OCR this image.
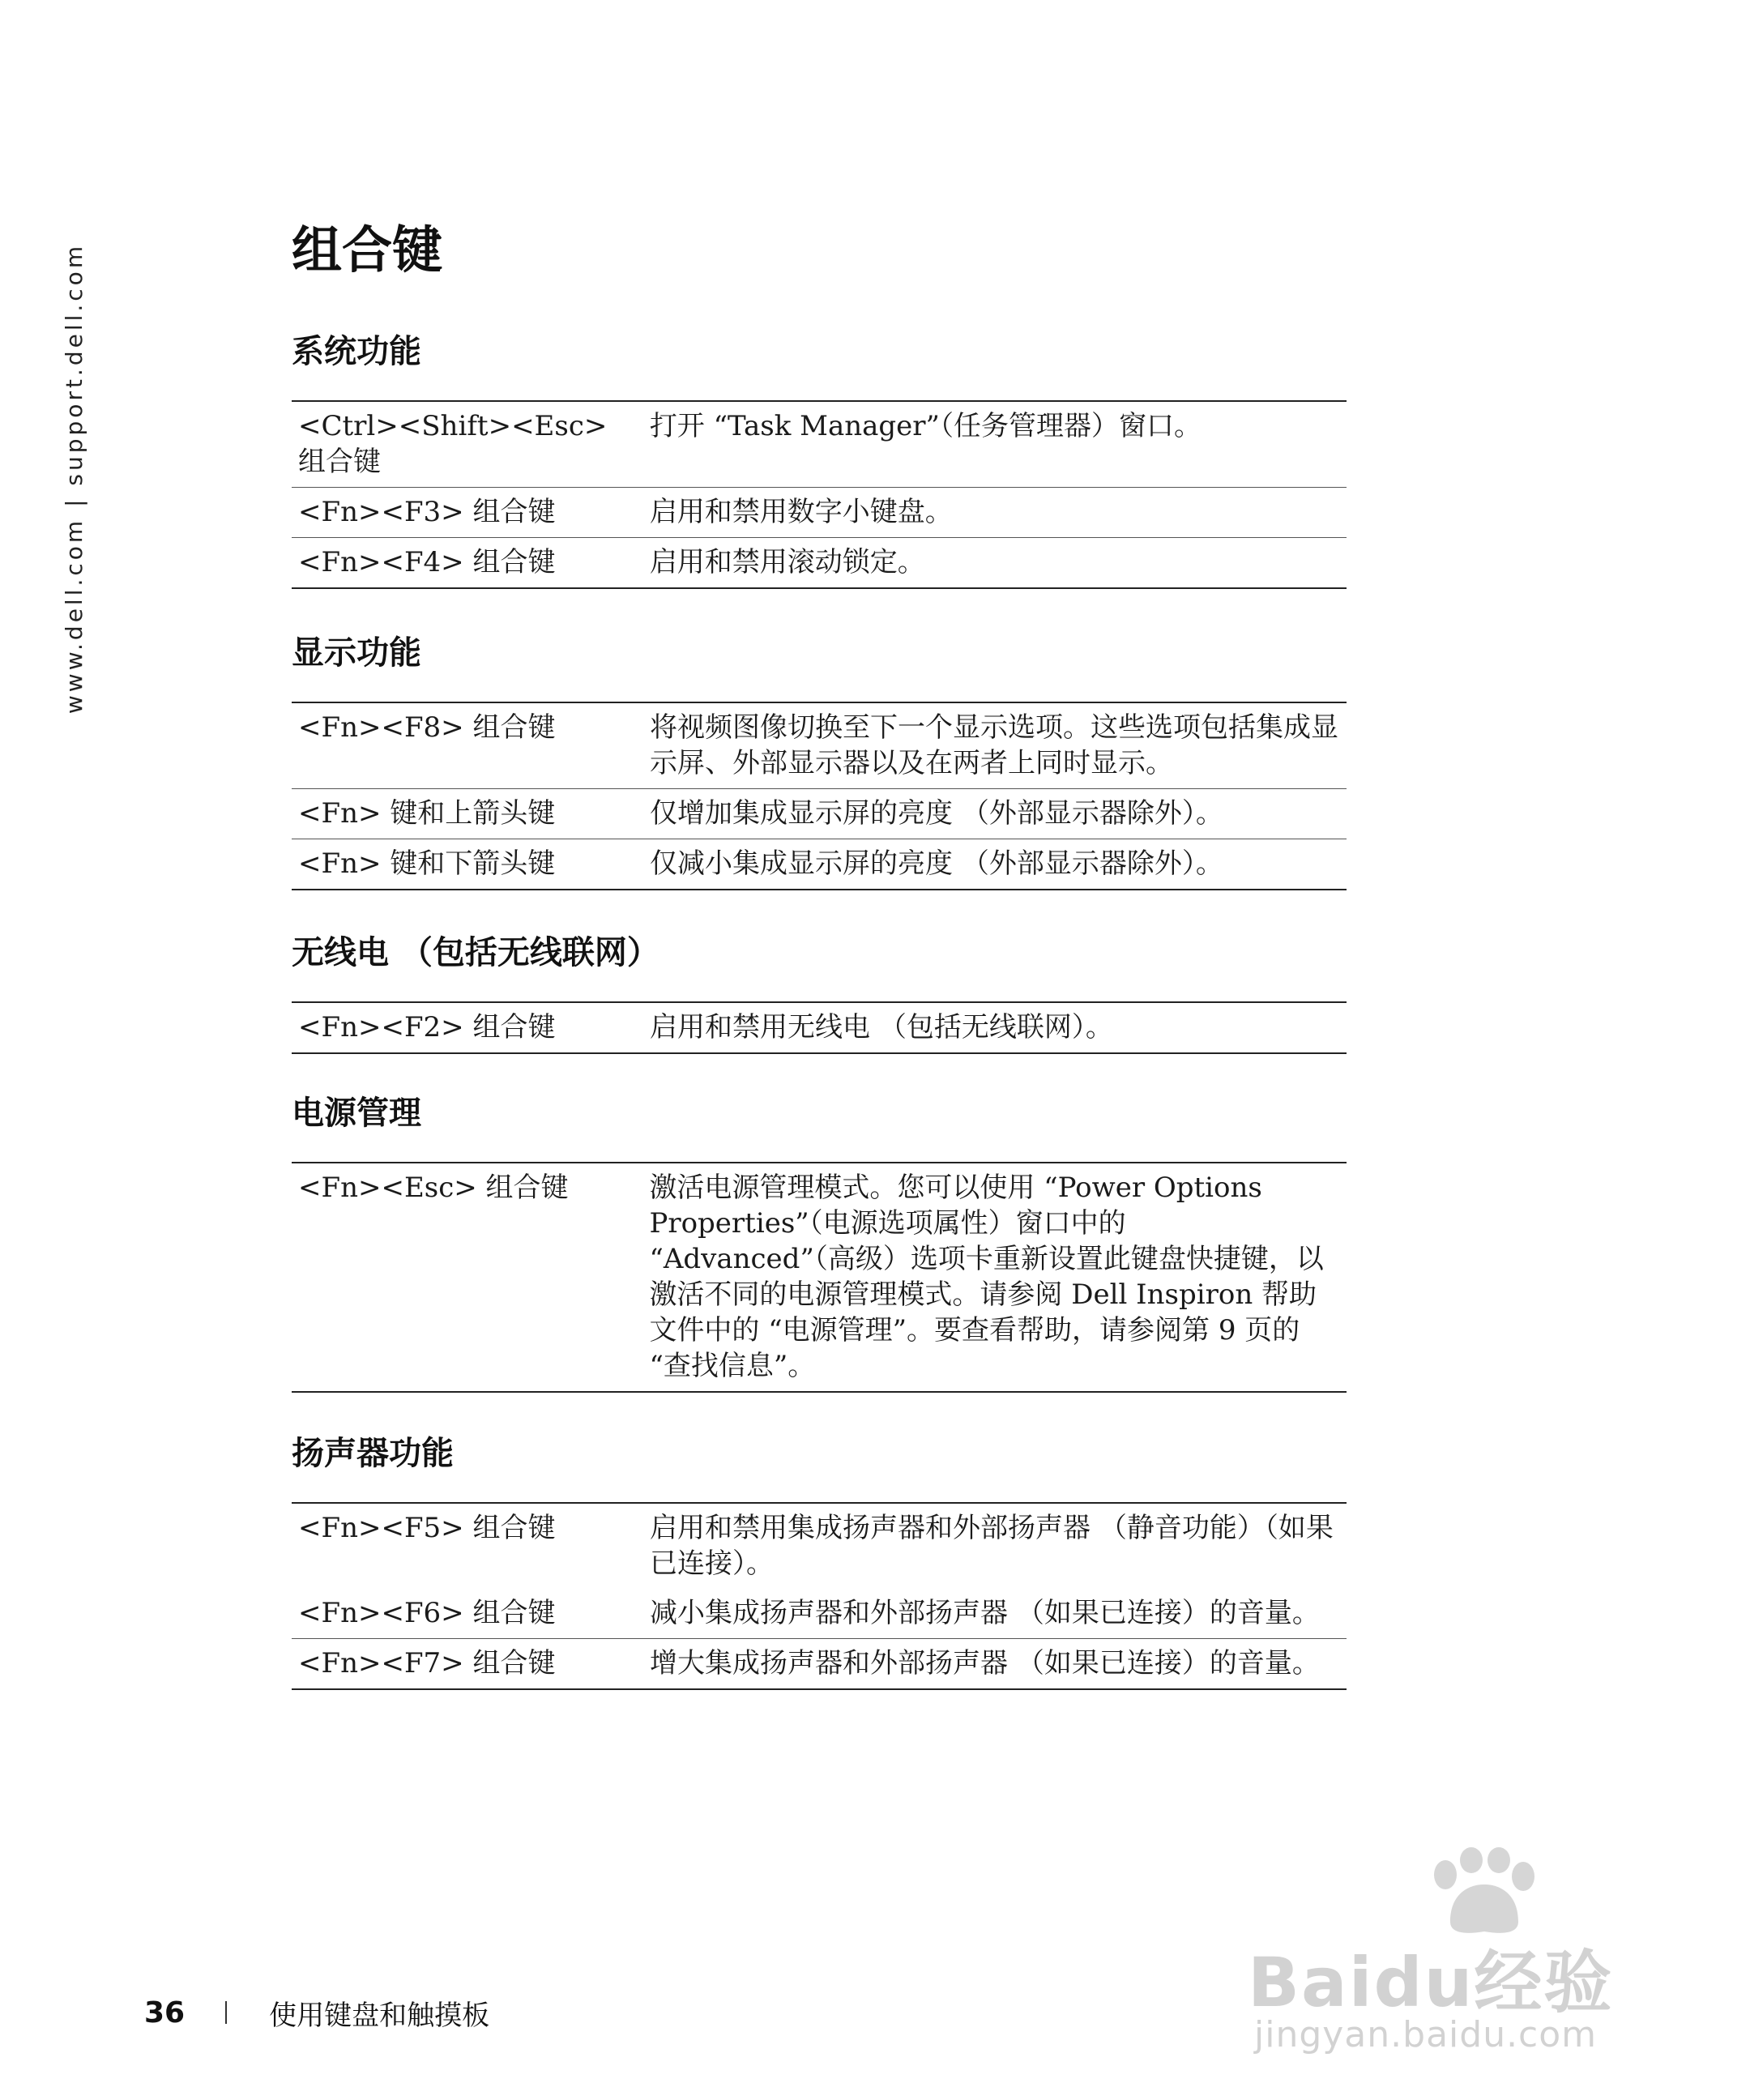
www.dell.com | support.dell.com	组合键
系统功能
<Ctrl><Shift><Esc> 组合键	打开 “Task Manager”（任务管理器）窗口。
<Fn><F3> 组合键	启用和禁用数字小键盘。
<Fn><F4> 组合键	启用和禁用滚动锁定。
显示功能
<Fn><F8> 组合键	将视频图像切换至下一个显示选项。这些选项包括集成显示屏、外部显示器以及在两者上同时显示。
<Fn> 键和上箭头键	仅增加集成显示屏的亮度 （外部显示器除外）。
<Fn> 键和下箭头键	仅减小集成显示屏的亮度 （外部显示器除外）。
无线电 （包括无线联网）
<Fn><F2> 组合键	启用和禁用无线电 （包括无线联网）。
电源管理
<Fn><Esc> 组合键	激活电源管理模式。您可以使用 “Power Options Properties”（电源选项属性）窗口中的 “Advanced”（高级）选项卡重新设置此键盘快捷键，以激活不同的电源管理模式。请参阅 Dell Inspiron 帮助文件中的 “电源管理”。要查看帮助，请参阅第 9 页的 “查找信息”。
扬声器功能
<Fn><F5> 组合键	启用和禁用集成扬声器和外部扬声器 （静音功能）（如果已连接）。
<Fn><F6> 组合键	减小集成扬声器和外部扬声器 （如果已连接）的音量。
<Fn><F7> 组合键	增大集成扬声器和外部扬声器 （如果已连接）的音量。
36	使用键盘和触摸板	Baidu经验
jingyan.baidu.com
